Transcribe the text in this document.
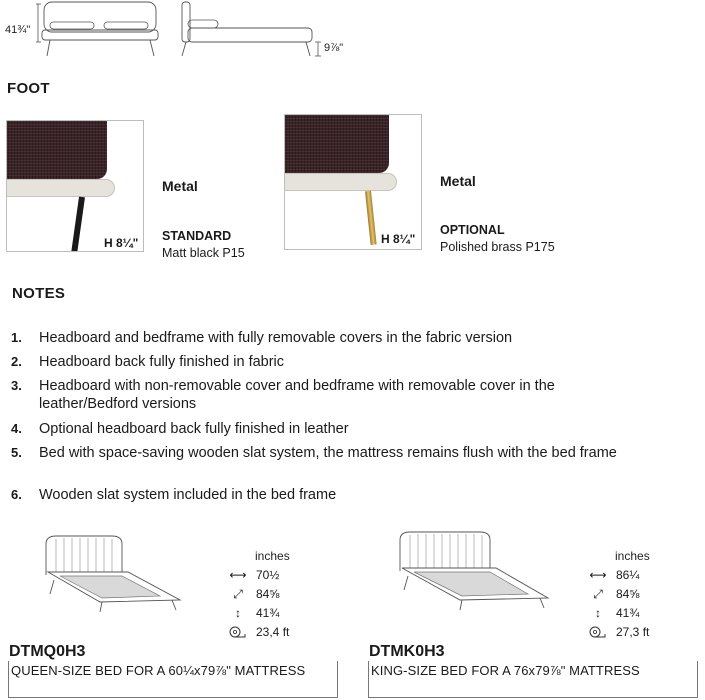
41¾"
9⅞"
FOOT
H 8¼"
Metal
STANDARD
Matt black P15
H 8¼"
Metal
OPTIONAL
Polished brass P175
NOTES
1. Headboard and bedframe with fully removable covers in the fabric version
2. Headboard back fully finished in fabric
3. Headboard with non-removable cover and bedframe with removable cover in the leather/Bedford versions
4. Optional headboard back fully finished in leather
5. Bed with space-saving wooden slat system, the mattress remains flush with the bed frame
6. Wooden slat system included in the bed frame
inches
⟷ 70½
⤢	84⅝
↕	41¾
23,4 ft
DTMQ0H3
QUEEN-SIZE BED FOR A 60¼x79⅞" MATTRESS
inches
⟷ 86¼
⤢	84⅝
↕	41¾
27,3 ft
DTMK0H3
KING-SIZE BED FOR A 76x79⅞" MATTRESS
